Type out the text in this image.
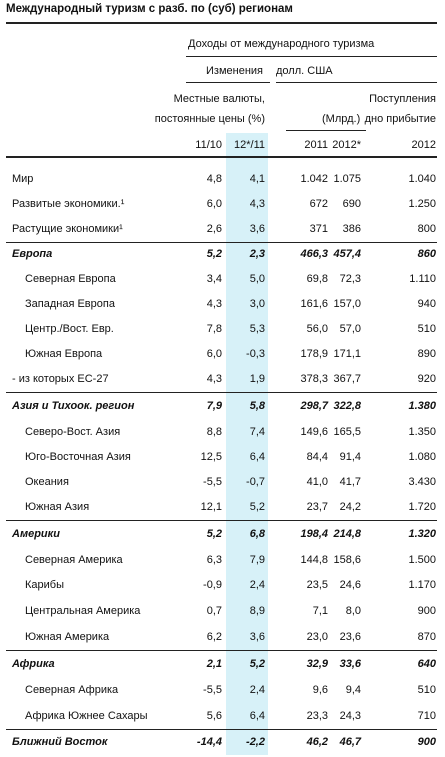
Международный туризм с разб. по (суб) регионам
Доходы от международного туризма
Изменения долл. США
Местные валюты,
постоянные цены (%)
Поступления
(Млрд.) дно прибытие
11/10 12*/11	2011 2012*	2012
Мир	4,8	4,1	1.042 1.075	1.040
Развитые экономики.¹	6,0	4,3	672 690	1.250
Растущие экономики¹	2,6	3,6	371 386	800
Европа	5,2	2,3	466,3 457,4	860
Северная Европа	3,4	5,0	69,8 72,3	1.110
Западная Европа	4,3	3,0	161,6 157,0	940
Центр./Вост. Евр.	7,8	5,3	56,0 57,0	510
Южная Европа	6,0 -0,3	178,9 171,1	890
- из которых ЕС-27	4,3	1,9	378,3 367,7	920
Азия и Тихоок. регион	7,9	5,8	298,7 322,8	1.380
Северо-Вост. Азия	8,8	7,4	149,6 165,5	1.350
Юго-Восточная Азия	12,5	6,4	84,4 91,4	1.080
Океания	-5,5 -0,7	41,0 41,7	3.430
Южная Азия	12,1	5,2	23,7 24,2	1.720
Америки	5,2	6,8	198,4 214,8	1.320
Северная Америка	6,3	7,9	144,8 158,6	1.500
Карибы	-0,9	2,4	23,5 24,6	1.170
Центральная Америка	0,7	8,9	7,1 8,0	900
Южная Америка	6,2	3,6	23,0 23,6	870
Африка	2,1	5,2	32,9 33,6	640
Северная Африка	-5,5	2,4	9,6 9,4	510
Африка Южнее Сахары	5,6	6,4	23,3 24,3	710
Ближний Восток	-14,4 -2,2	46,2 46,7	900
